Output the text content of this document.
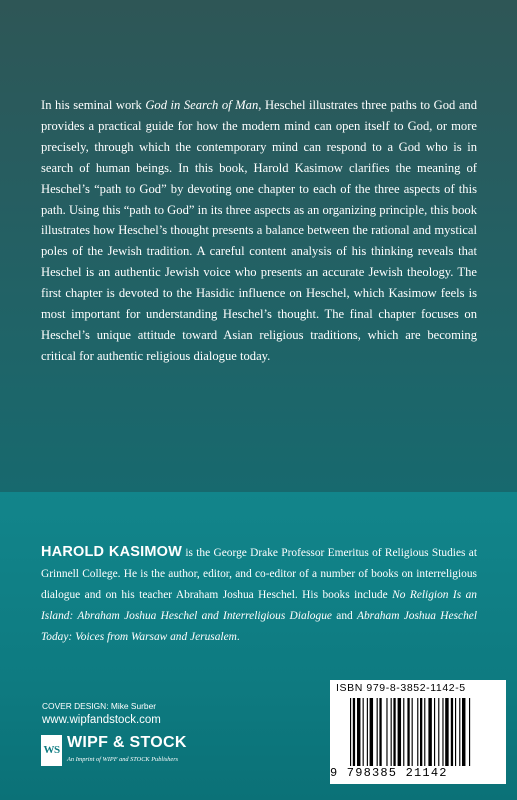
In his seminal work God in Search of Man, Heschel illustrates three paths to God and provides a practical guide for how the modern mind can open itself to God, or more precisely, through which the contemporary mind can respond to a God who is in search of human beings. In this book, Harold Kasimow clarifies the meaning of Heschel’s “path to God” by devoting one chapter to each of the three aspects of this path. Using this “path to God” in its three aspects as an organizing principle, this book illustrates how Heschel’s thought presents a balance between the rational and mystical poles of the Jewish tradition. A careful content analysis of his thinking reveals that Heschel is an authentic Jewish voice who presents an accurate Jewish theology. The first chapter is devoted to the Hasidic influence on Heschel, which Kasimow feels is most important for understanding Heschel’s thought. The final chapter focuses on Heschel’s unique attitude toward Asian religious traditions, which are becoming critical for authentic religious dialogue today.

HAROLD KASIMOW is the George Drake Professor Emeritus of Religious Studies at Grinnell College. He is the author, editor, and co-editor of a number of books on interreligious dialogue and on his teacher Abraham Joshua Heschel. His books include No Religion Is an Island: Abraham Joshua Heschel and Interreligious Dialogue and Abraham Joshua Heschel Today: Voices from Warsaw and Jerusalem.
COVER DESIGN: Mike Surber
www.wipfandstock.com
WS WIPF & STOCK
An Imprint of WIPF and STOCK Publishers
ISBN 979-8-3852-1142-5
9 798385 21142
